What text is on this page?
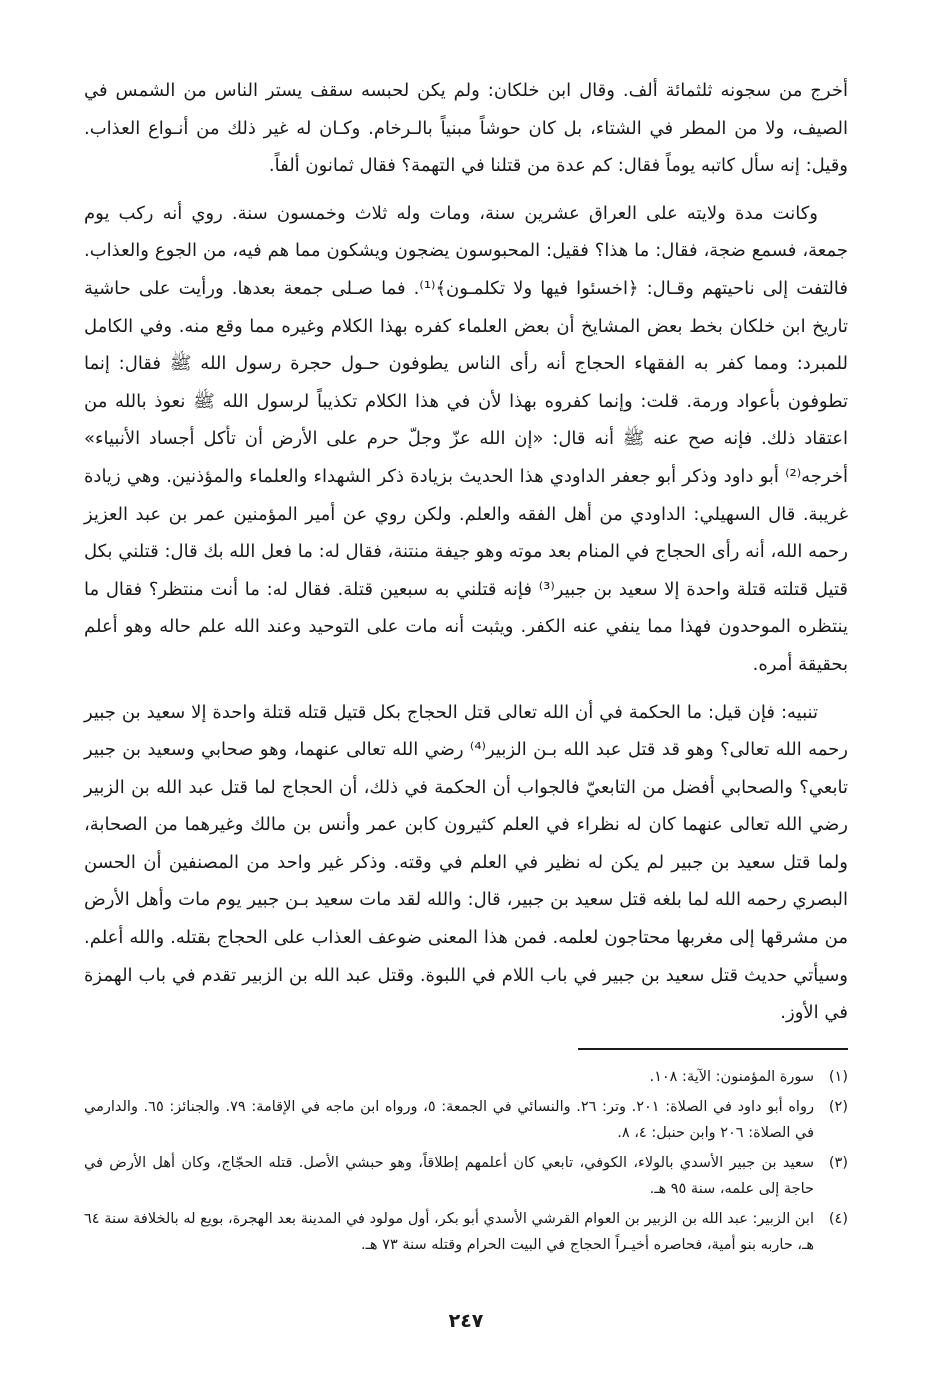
أخرج من سجونه ثلثمائة ألف. وقال ابن خلكان: ولم يكن لحبسه سقف يستر الناس من الشمس في الصيف، ولا من المطر في الشتاء، بل كان حوشاً مبنياً بالـرخام. وكـان له غير ذلك من أنـواع العذاب. وقيل: إنه سأل كاتبه يوماً فقال: كم عدة من قتلنا في التهمة؟ فقال ثمانون ألفاً.

وكانت مدة ولايته على العراق عشرين سنة، ومات وله ثلاث وخمسون سنة. روي أنه ركب يوم جمعة، فسمع ضجة، فقال: ما هذا؟ فقيل: المحبوسون يضجون ويشكون مما هم فيه، من الجوع والعذاب. فالتفت إلى ناحيتهم وقـال: ﴿اخسئوا فيها ولا تكلمـون﴾⁽¹⁾. فما صـلى جمعة بعدها. ورأيت على حاشية تاريخ ابن خلكان بخط بعض المشايخ أن بعض العلماء كفره بهذا الكلام وغيره مما وقع منه. وفي الكامل للمبرد: ومما كفر به الفقهاء الحجاج أنه رأى الناس يطوفون حـول حجرة رسول الله ﷺ فقال: إنما تطوفون بأعواد ورمة. قلت: وإنما كفروه بهذا لأن في هذا الكلام تكذيباً لرسول الله ﷺ نعوذ بالله من اعتقاد ذلك. فإنه صح عنه ﷺ أنه قال: «إن الله عزّ وجلّ حرم على الأرض أن تأكل أجساد الأنبياء» أخرجه⁽²⁾ أبو داود وذكر أبو جعفر الداودي هذا الحديث بزيادة ذكر الشهداء والعلماء والمؤذنين. وهي زيادة غريبة. قال السهيلي: الداودي من أهل الفقه والعلم. ولكن روي عن أمير المؤمنين عمر بن عبد العزيز رحمه الله، أنه رأى الحجاج في المنام بعد موته وهو جيفة منتنة، فقال له: ما فعل الله بك قال: قتلني بكل قتيل قتلته قتلة واحدة إلا سعيد بن جبير⁽³⁾ فإنه قتلني به سبعين قتلة. فقال له: ما أنت منتظر؟ فقال ما ينتظره الموحدون فهذا مما ينفي عنه الكفر. ويثبت أنه مات على التوحيد وعند الله علم حاله وهو أعلم بحقيقة أمره.

تنبيه: فإن قيل: ما الحكمة في أن الله تعالى قتل الحجاج بكل قتيل قتله قتلة واحدة إلا سعيد بن جبير رحمه الله تعالى؟ وهو قد قتل عبد الله بـن الزبير⁽⁴⁾ رضي الله تعالى عنهما، وهو صحابي وسعيد بن جبير تابعي؟ والصحابي أفضل من التابعيّ فالجواب أن الحكمة في ذلك، أن الحجاج لما قتل عبد الله بن الزبير رضي الله تعالى عنهما كان له نظراء في العلم كثيرون كابن عمر وأنس بن مالك وغيرهما من الصحابة، ولما قتل سعيد بن جبير لم يكن له نظير في العلم في وقته. وذكر غير واحد من المصنفين أن الحسن البصري رحمه الله لما بلغه قتل سعيد بن جبير، قال: والله لقد مات سعيد بـن جبير يوم مات وأهل الأرض من مشرقها إلى مغربها محتاجون لعلمه. فمن هذا المعنى ضوعف العذاب على الحجاج بقتله. والله أعلم. وسيأتي حديث قتل سعيد بن جبير في باب اللام في اللبوة. وقتل عبد الله بن الزبير تقدم في باب الهمزة في الأوز.

(١)
سورة المؤمنون: الآية: ١٠٨.
(٢)
رواه أبو داود في الصلاة: ٢٠١. وتر: ٢٦. والنسائي في الجمعة: ٥، ورواه ابن ماجه في الإقامة: ٧٩. والجنائز: ٦٥. والدارمي في الصلاة: ٢٠٦ وابن حنبل: ٤، ٨.
(٣)
سعيد بن جبير الأسدي بالولاء، الكوفي، تابعي كان أعلمهم إطلاقاً، وهو حبشي الأصل. قتله الحجّاج، وكان أهل الأرض في حاجة إلى علمه، سنة ٩٥ هـ.
(٤)
ابن الزبير: عبد الله بن الزبير بن العوام القرشي الأسدي أبو بكر، أول مولود في المدينة بعد الهجرة، بويع له بالخلافة سنة ٦٤ هـ، حاربه بنو أمية، فحاصره أخيـراً الحجاج في البيت الحرام وقتله سنة ٧٣ هـ.
٢٤٧
